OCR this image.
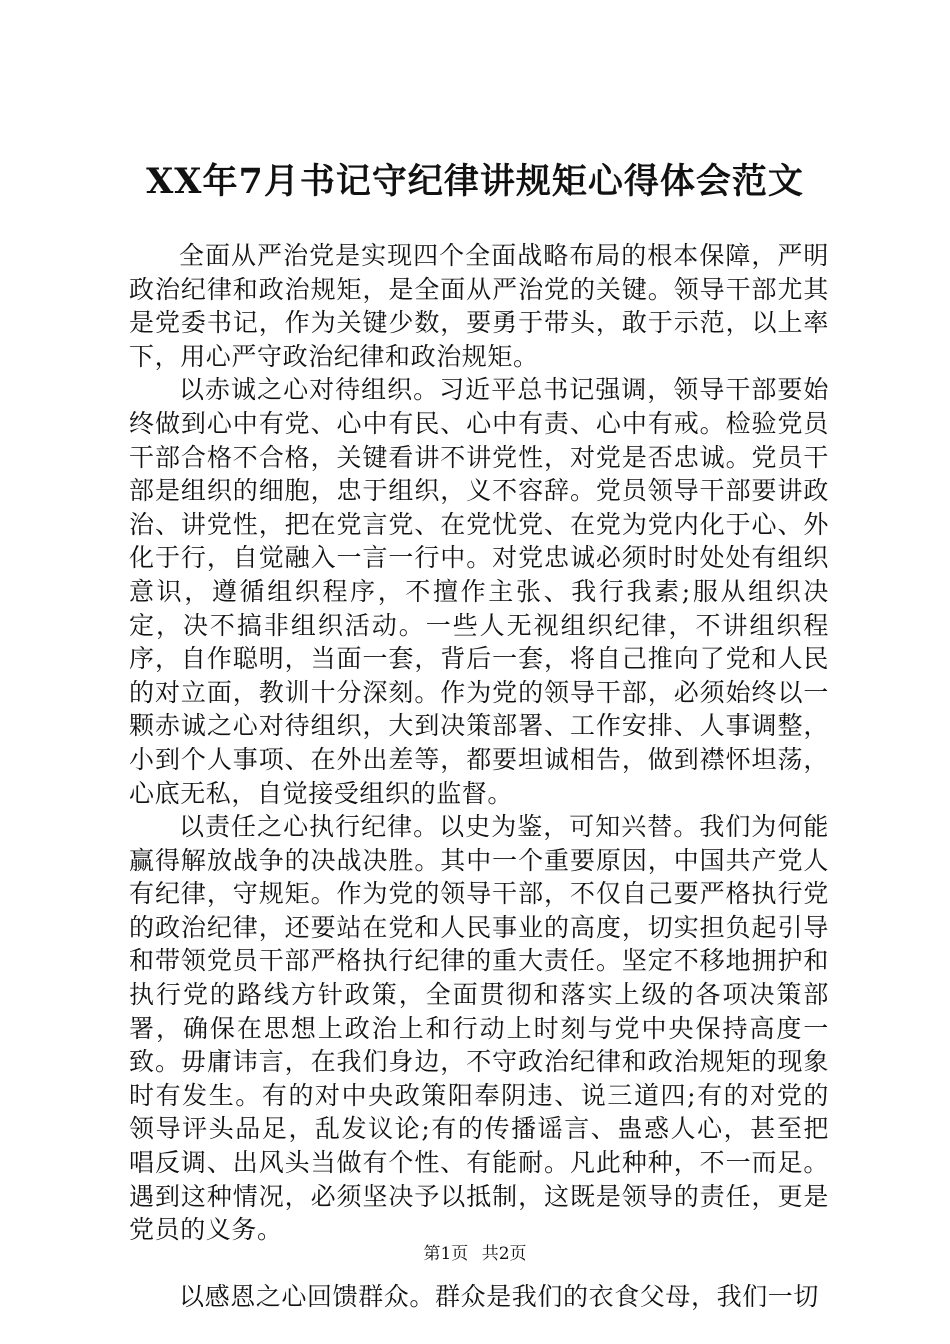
XX年7月书记守纪律讲规矩心得体会范文

全面从严治党是实现四个全面战略布局的根本保障，严明政治纪律和政治规矩，是全面从严治党的关键。领导干部尤其是党委书记，作为关键少数，要勇于带头，敢于示范，以上率下，用心严守政治纪律和政治规矩。

以赤诚之心对待组织。习近平总书记强调，领导干部要始终做到心中有党、心中有民、心中有责、心中有戒。检验党员干部合格不合格，关键看讲不讲党性，对党是否忠诚。党员干部是组织的细胞，忠于组织，义不容辞。党员领导干部要讲政治、讲党性，把在党言党、在党忧党、在党为党内化于心、外化于行，自觉融入一言一行中。对党忠诚必须时时处处有组织意识，遵循组织程序，不擅作主张、我行我素;服从组织决定，决不搞非组织活动。一些人无视组织纪律，不讲组织程序，自作聪明，当面一套，背后一套，将自己推向了党和人民的对立面，教训十分深刻。作为党的领导干部，必须始终以一颗赤诚之心对待组织，大到决策部署、工作安排、人事调整，小到个人事项、在外出差等，都要坦诚相告，做到襟怀坦荡，心底无私，自觉接受组织的监督。

以责任之心执行纪律。以史为鉴，可知兴替。我们为何能赢得解放战争的决战决胜。其中一个重要原因，中国共产党人有纪律，守规矩。作为党的领导干部，不仅自己要严格执行党的政治纪律，还要站在党和人民事业的高度，切实担负起引导和带领党员干部严格执行纪律的重大责任。坚定不移地拥护和执行党的路线方针政策，全面贯彻和落实上级的各项决策部署，确保在思想上政治上和行动上时刻与党中央保持高度一致。毋庸讳言，在我们身边，不守政治纪律和政治规矩的现象时有发生。有的对中央政策阳奉阴违、说三道四;有的对党的领导评头品足，乱发议论;有的传播谣言、蛊惑人心，甚至把唱反调、出风头当做有个性、有能耐。凡此种种，不一而足。遇到这种情况，必须坚决予以抵制，这既是领导的责任，更是党员的义务。

以感恩之心回馈群众。群众是我们的衣食父母，我们一切

第1页 共2页
